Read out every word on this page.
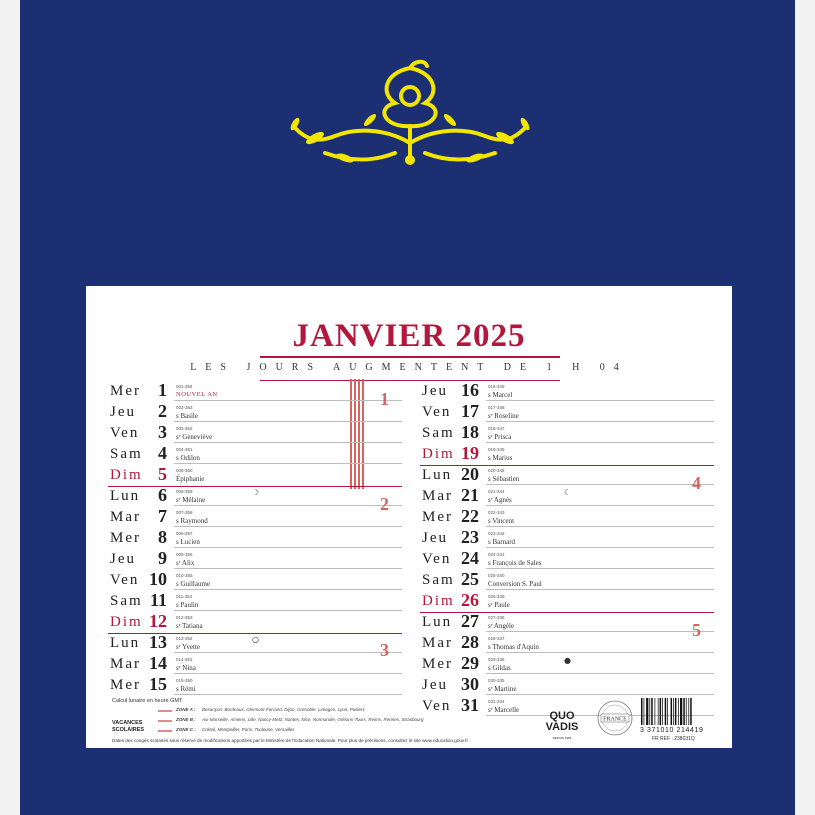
JANVIER 2025
LES JOURS AUGMENTENT DE 1 H 04
Mer 1 001-364
NOUVEL AN
Jeu 2 002-363
s Basile
Ven 3 003-362
sᵉ Geneviève
Sam 4 004-361
s Odilon
Dim 5 005-360
Épiphanie
Lun 6 006-359
sᵉ Mélaine
☽
Mar 7 007-358
s Raymond
Mer 8 008-357
s Lucien
Jeu 9 009-356
sᵉ Alix
Ven 10 010-355
s Guillaume
Sam 11 011-354
s Paulin
Dim 12 012-353
sᵉ Tatiana
Lun 13 013-352
sᵉ Yvette
○
Mar 14 014-351
sᵉ Nina
Mer 15 015-350
s Rémi
Jeu 16 016-349
s Marcel
Ven 17 017-348
sᵉ Roseline
Sam 18 018-347
sᵉ Prisca
Dim 19 019-346
s Marius
Lun 20 020-345
s Sébastien
Mar 21 021-344
sᵉ Agnès
☾
Mer 22 022-343
s Vincent
Jeu 23 023-342
s Barnard
Ven 24 024-341
s François de Sales
Sam 25 025-340
Conversion S. Paul
Dim 26 026-339
sᵉ Paule
Lun 27 027-338
sᵉ Angèle
Mar 28 028-337
s Thomas d'Aquin
Mer 29 029-336
s Gildas
●
Jeu 30 030-335
sᵉ Martine
Ven 31 031-334
sᵉ Marcelle
1
2
3
4
5
Calcul lunaire en heure GMT
VACANCES
SCOLAIRES
ZONE A : Besançon, Bordeaux, Clermont-Ferrand, Dijon, Grenoble, Limoges, Lyon, Poitiers
ZONE B : Aix-Marseille, Amiens, Lille, Nancy-Metz, Nantes, Nice, Normandie, Orléans-Tours, Reims, Rennes, Strasbourg
ZONE C : Créteil, Montpellier, Paris, Toulouse, Versailles
Dates des congés scolaires sous réserve de modifications apportées par le Ministère de l'Education Nationale. Pour plus de précisions, consultez le site www.education.gouv.fr
QUO
VADIS
DEPUIS 1954
FRANCE
3 371010 214419
FR REF : 238031Q
